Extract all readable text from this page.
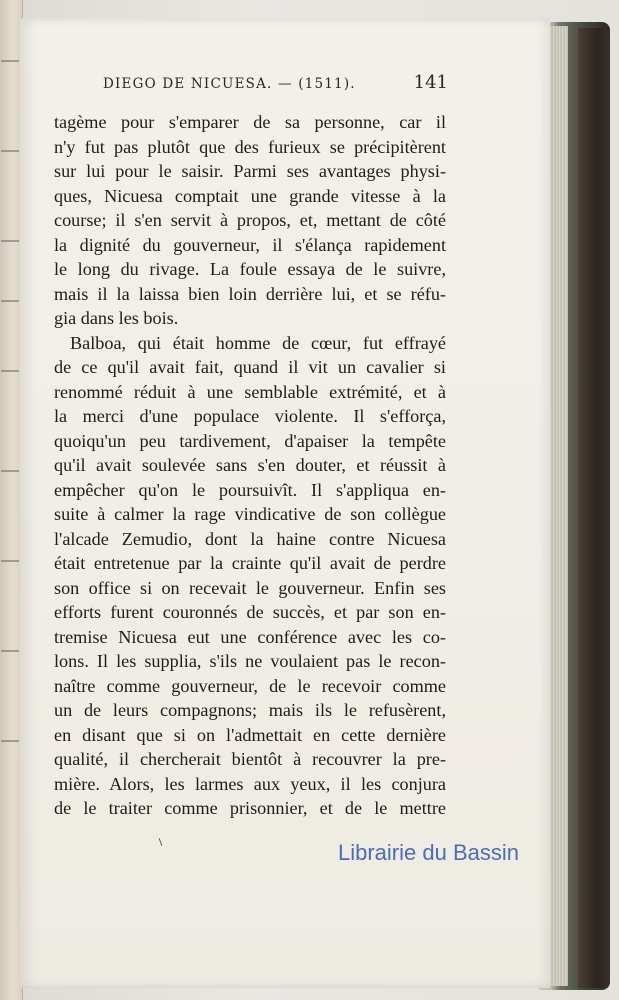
DIEGO DE NICUESA. — (1511).	141
tagème pour s'emparer de sa personne, car il
n'y fut pas plutôt que des furieux se précipitèrent
sur lui pour le saisir. Parmi ses avantages physi-
ques, Nicuesa comptait une grande vitesse à la
course; il s'en servit à propos, et, mettant de côté
la dignité du gouverneur, il s'élança rapidement
le long du rivage. La foule essaya de le suivre,
mais il la laissa bien loin derrière lui, et se réfu-
gia dans les bois.
Balboa, qui était homme de cœur, fut effrayé
de ce qu'il avait fait, quand il vit un cavalier si
renommé réduit à une semblable extrémité, et à
la merci d'une populace violente. Il s'efforça,
quoiqu'un peu tardivement, d'apaiser la tempête
qu'il avait soulevée sans s'en douter, et réussit à
empêcher qu'on le poursuivît. Il s'appliqua en-
suite à calmer la rage vindicative de son collègue
l'alcade Zemudio, dont la haine contre Nicuesa
était entretenue par la crainte qu'il avait de perdre
son office si on recevait le gouverneur. Enfin ses
efforts furent couronnés de succès, et par son en-
tremise Nicuesa eut une conférence avec les co-
lons. Il les supplia, s'ils ne voulaient pas le recon-
naître comme gouverneur, de le recevoir comme
un de leurs compagnons; mais ils le refusèrent,
en disant que si on l'admettait en cette dernière
qualité, il chercherait bientôt à recouvrer la pre-
mière. Alors, les larmes aux yeux, il les conjura
de le traiter comme prisonnier, et de le mettre
Librairie du Bassin
